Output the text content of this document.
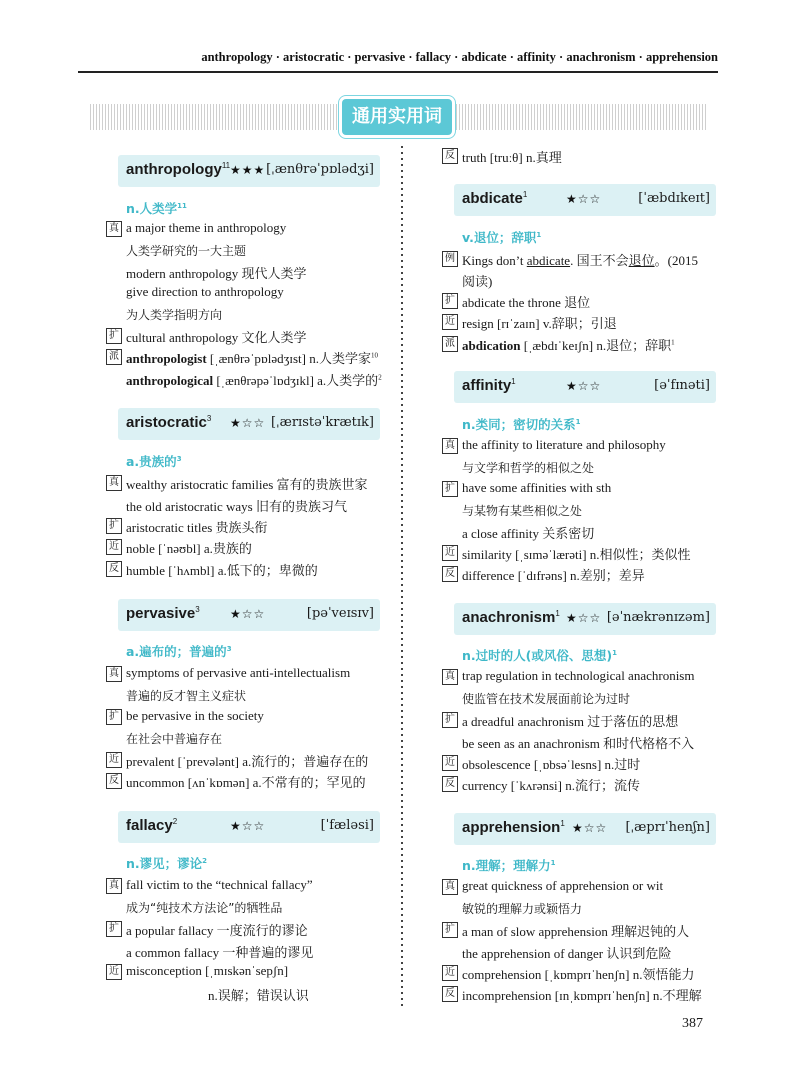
anthropology · aristocratic · pervasive · fallacy · abdicate · affinity · anachronism · apprehension
通用实用词
anthropology$^{11}$ ★★★ [ˌænθrəˈpɒlədʒi]
n.人类学$^{11}$
真 a major theme in anthropology
人类学研究的一大主题
modern anthropology 现代人类学
give direction to anthropology
为人类学指明方向
扩 cultural anthropology 文化人类学
派 anthropologist [ˌænθrəˈpɒlədʒɪst] n.人类学家$^{10}$
anthropological [ˌænθrəpəˈlɒdʒɪkl] a.人类学的$^2$
aristocratic$^3$ ★☆☆ [ˌærɪstəˈkrætɪk]
a.贵族的$^3$
真 wealthy aristocratic families 富有的贵族世家
the old aristocratic ways 旧有的贵族习气
扩 aristocratic titles 贵族头衔
近 noble [ˈnəʊbl] a.贵族的
反 humble [ˈhʌmbl] a.低下的；卑微的
pervasive$^3$	★☆☆	[pəˈveɪsɪv]
a.遍布的；普遍的$^3$
真 symptoms of pervasive anti-intellectualism
普遍的反才智主义症状
扩 be pervasive in the society
在社会中普遍存在
近 prevalent [ˈprevələnt] a.流行的；普遍存在的
反 uncommon [ʌnˈkɒmən] a.不常有的；罕见的
fallacy$^2$	★☆☆	[ˈfæləsi]
n.谬见；谬论$^2$
真 fall victim to the “technical fallacy”
成为“纯技术方法论”的牺牲品
扩 a popular fallacy 一度流行的谬论
a common fallacy 一种普遍的谬见
近 misconception [ˌmɪskənˈsepʃn]
n.误解；错误认识
反 truth [truːθ] n.真理
abdicate$^1$	★☆☆	[ˈæbdɪkeɪt]
v.退位；辞职$^1$
例 Kings don’t abdicate. 国王不会退位。(2015
阅读)
扩 abdicate the throne 退位
近 resign [rɪˈzaɪn] v.辞职；引退
派 abdication [ˌæbdɪˈkeɪʃn] n.退位；辞职$^1$
affinity$^1$	★☆☆	[əˈfɪnəti]
n.类同；密切的关系$^1$
真 the affinity to literature and philosophy
与文学和哲学的相似之处
扩 have some affinities with sth
与某物有某些相似之处
a close affinity 关系密切
近 similarity [ˌsɪməˈlærəti] n.相似性；类似性
反 difference [ˈdɪfrəns] n.差别；差异
anachronism$^1$ ★☆☆ [əˈnækrənɪzəm]
n.过时的人(或风俗、思想)$^1$
真 trap regulation in technological anachronism
使监管在技术发展面前论为过时
扩 a dreadful anachronism 过于落伍的思想
be seen as an anachronism 和时代格格不入
近 obsolescence [ˌɒbsəˈlesns] n.过时
反 currency [ˈkʌrənsi] n.流行；流传
apprehension$^1$ ★☆☆ [ˌæprɪˈhenʃn]
n.理解；理解力$^1$
真 great quickness of apprehension or wit
敏锐的理解力或颖悟力
扩 a man of slow apprehension 理解迟钝的人
the apprehension of danger 认识到危险
近 comprehension [ˌkɒmprɪˈhenʃn] n.领悟能力
反 incomprehension [ɪnˌkɒmprɪˈhenʃn] n.不理解
387
